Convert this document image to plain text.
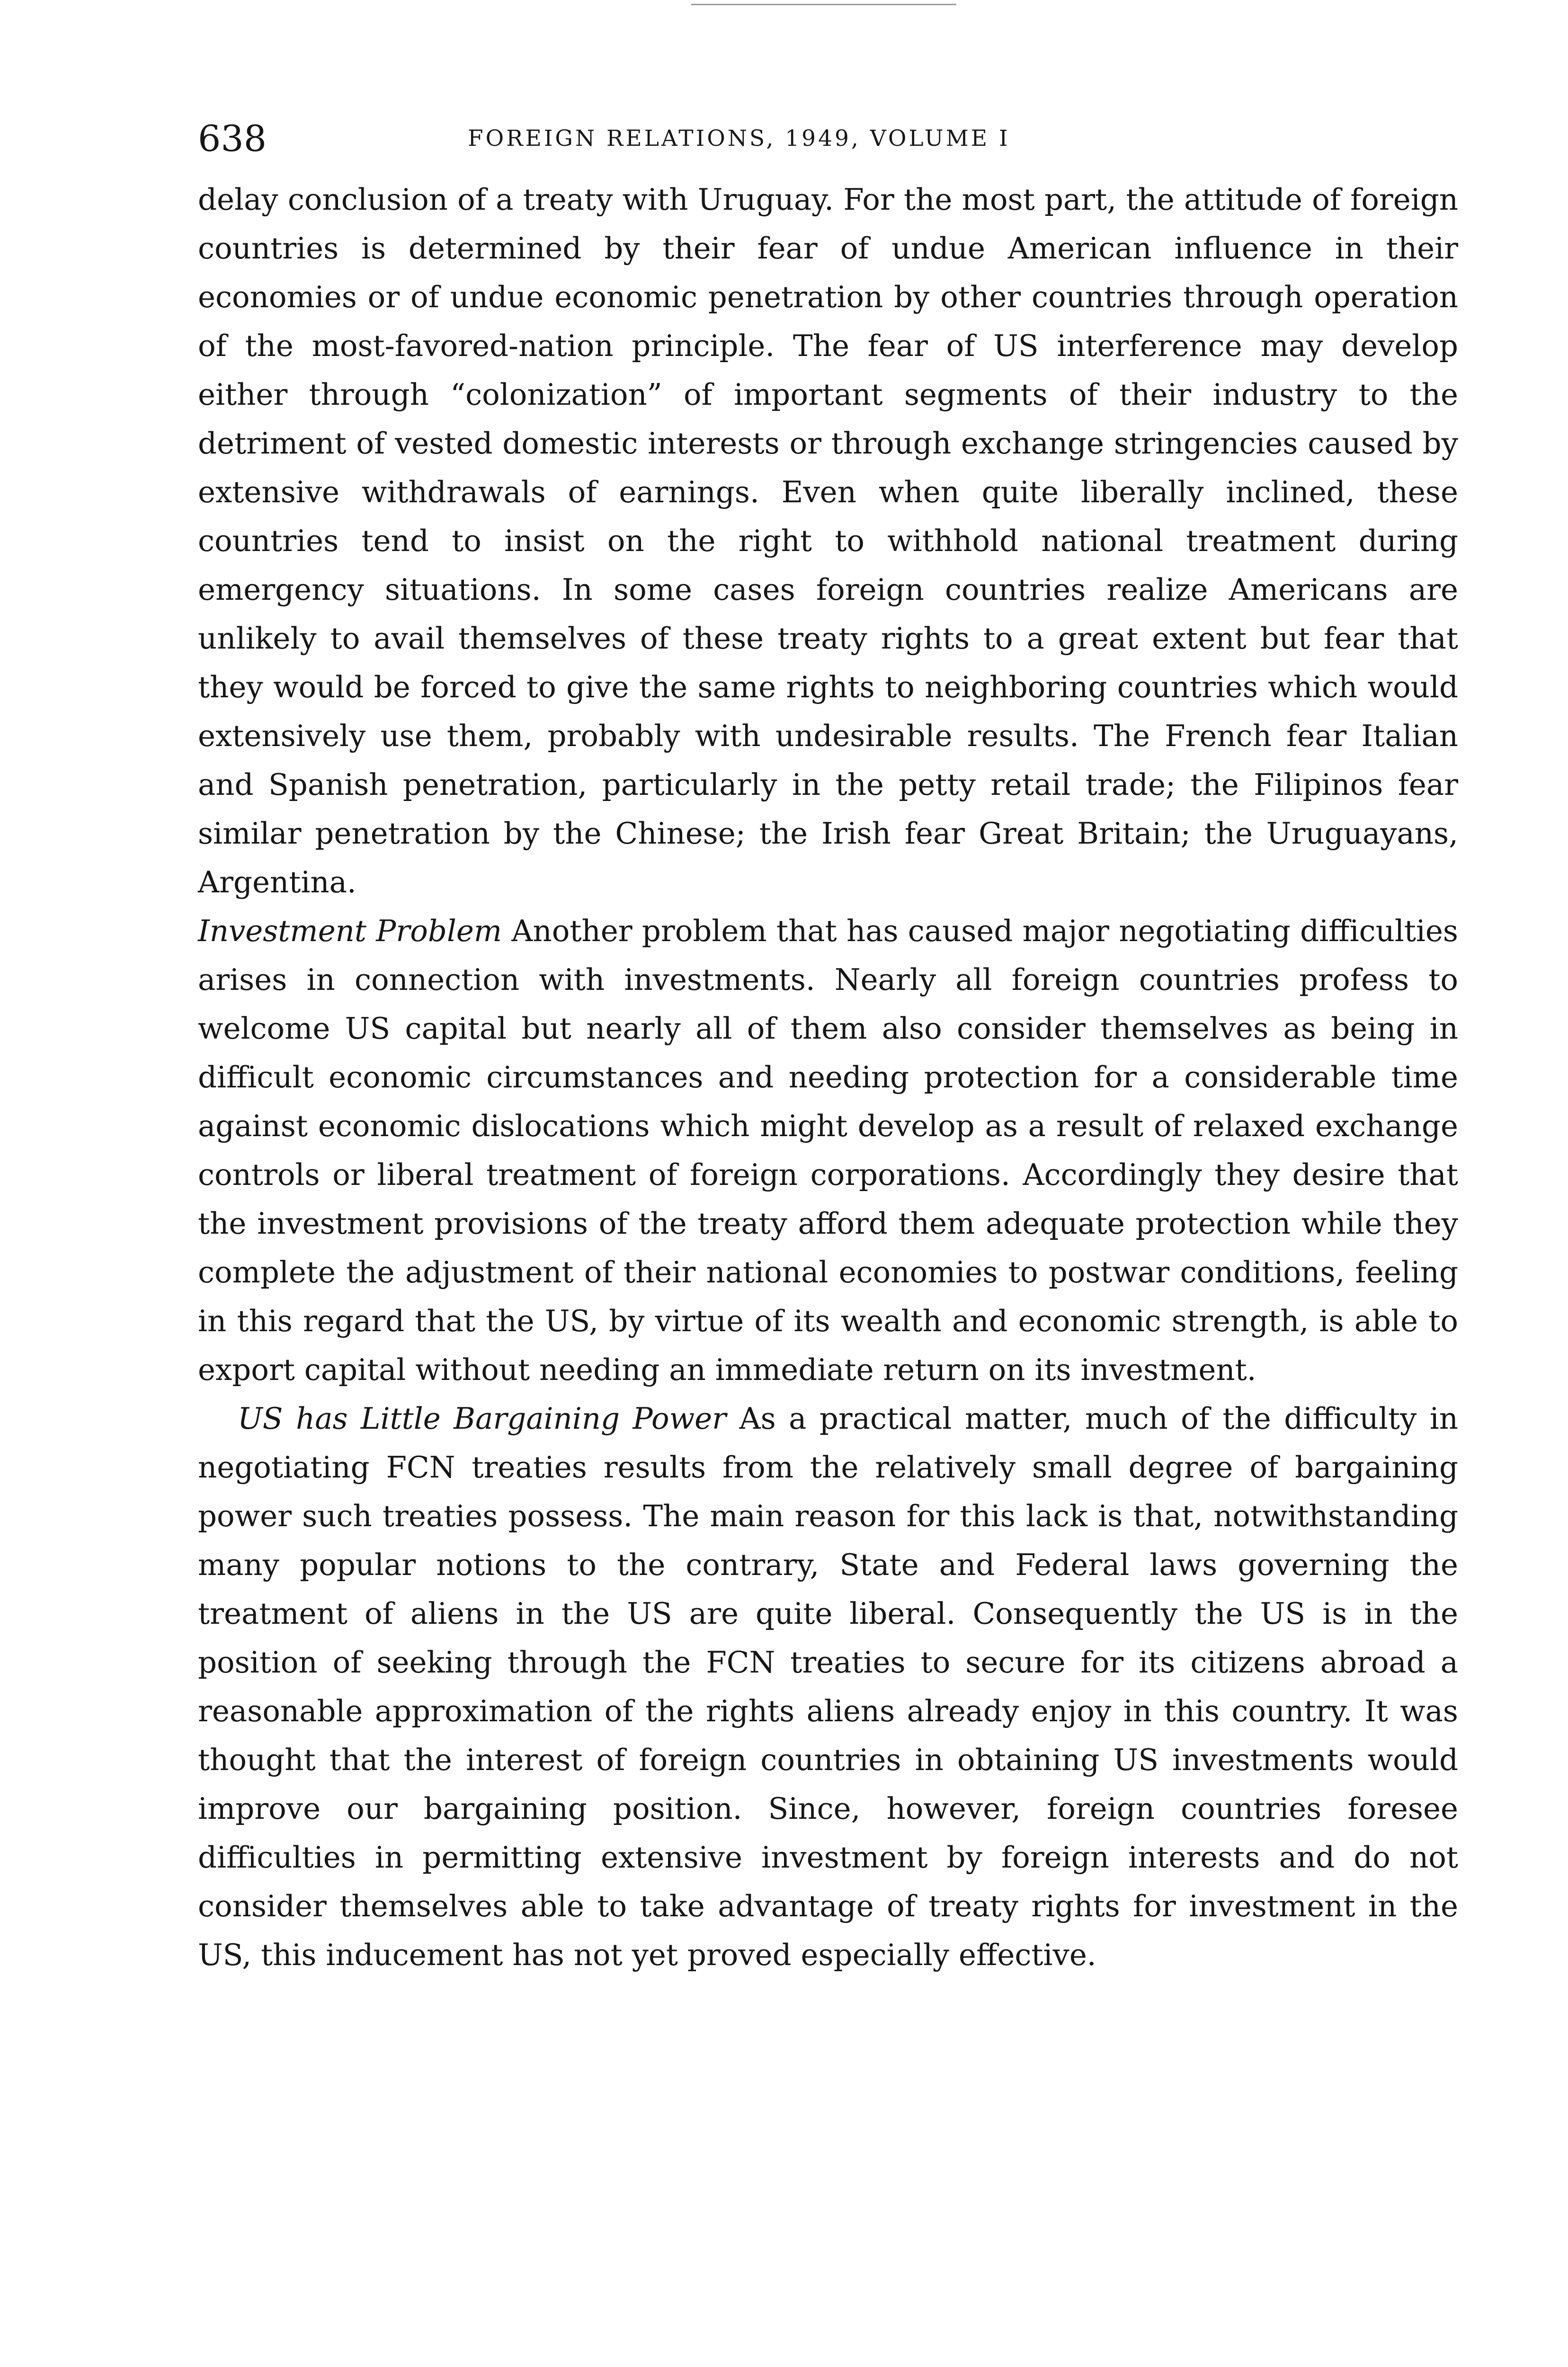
638	FOREIGN RELATIONS, 1949, VOLUME I

delay conclusion of a treaty with Uruguay. For the most part, the attitude of foreign countries is determined by their fear of undue American influence in their economies or of undue economic penetration by other countries through operation of the most-favored-nation principle. The fear of US interference may develop either through “colonization” of important segments of their industry to the detriment of vested domestic interests or through exchange stringencies caused by extensive withdrawals of earnings. Even when quite liberally inclined, these countries tend to insist on the right to withhold national treatment during emergency situations. In some cases foreign countries realize Americans are unlikely to avail themselves of these treaty rights to a great extent but fear that they would be forced to give the same rights to neighboring countries which would extensively use them, probably with undesirable results. The French fear Italian and Spanish penetration, particularly in the petty retail trade; the Filipinos fear similar penetration by the Chinese; the Irish fear Great Britain; the Uruguayans, Argentina.

Investment Problem Another problem that has caused major negotiating difficulties arises in connection with investments. Nearly all foreign countries profess to welcome US capital but nearly all of them also consider themselves as being in difficult economic circumstances and needing protection for a considerable time against economic dislocations which might develop as a result of relaxed exchange controls or liberal treatment of foreign corporations. Accordingly they desire that the investment provisions of the treaty afford them adequate protection while they complete the adjustment of their national economies to postwar conditions, feeling in this regard that the US, by virtue of its wealth and economic strength, is able to export capital without needing an immediate return on its investment.

US has Little Bargaining Power As a practical matter, much of the difficulty in negotiating FCN treaties results from the relatively small degree of bargaining power such treaties possess. The main reason for this lack is that, notwithstanding many popular notions to the contrary, State and Federal laws governing the treatment of aliens in the US are quite liberal. Consequently the US is in the position of seeking through the FCN treaties to secure for its citizens abroad a reasonable approximation of the rights aliens already enjoy in this country. It was thought that the interest of foreign countries in obtaining US investments would improve our bargaining position. Since, however, foreign countries foresee difficulties in permitting extensive investment by foreign interests and do not consider themselves able to take advantage of treaty rights for investment in the US, this inducement has not yet proved especially effective.
